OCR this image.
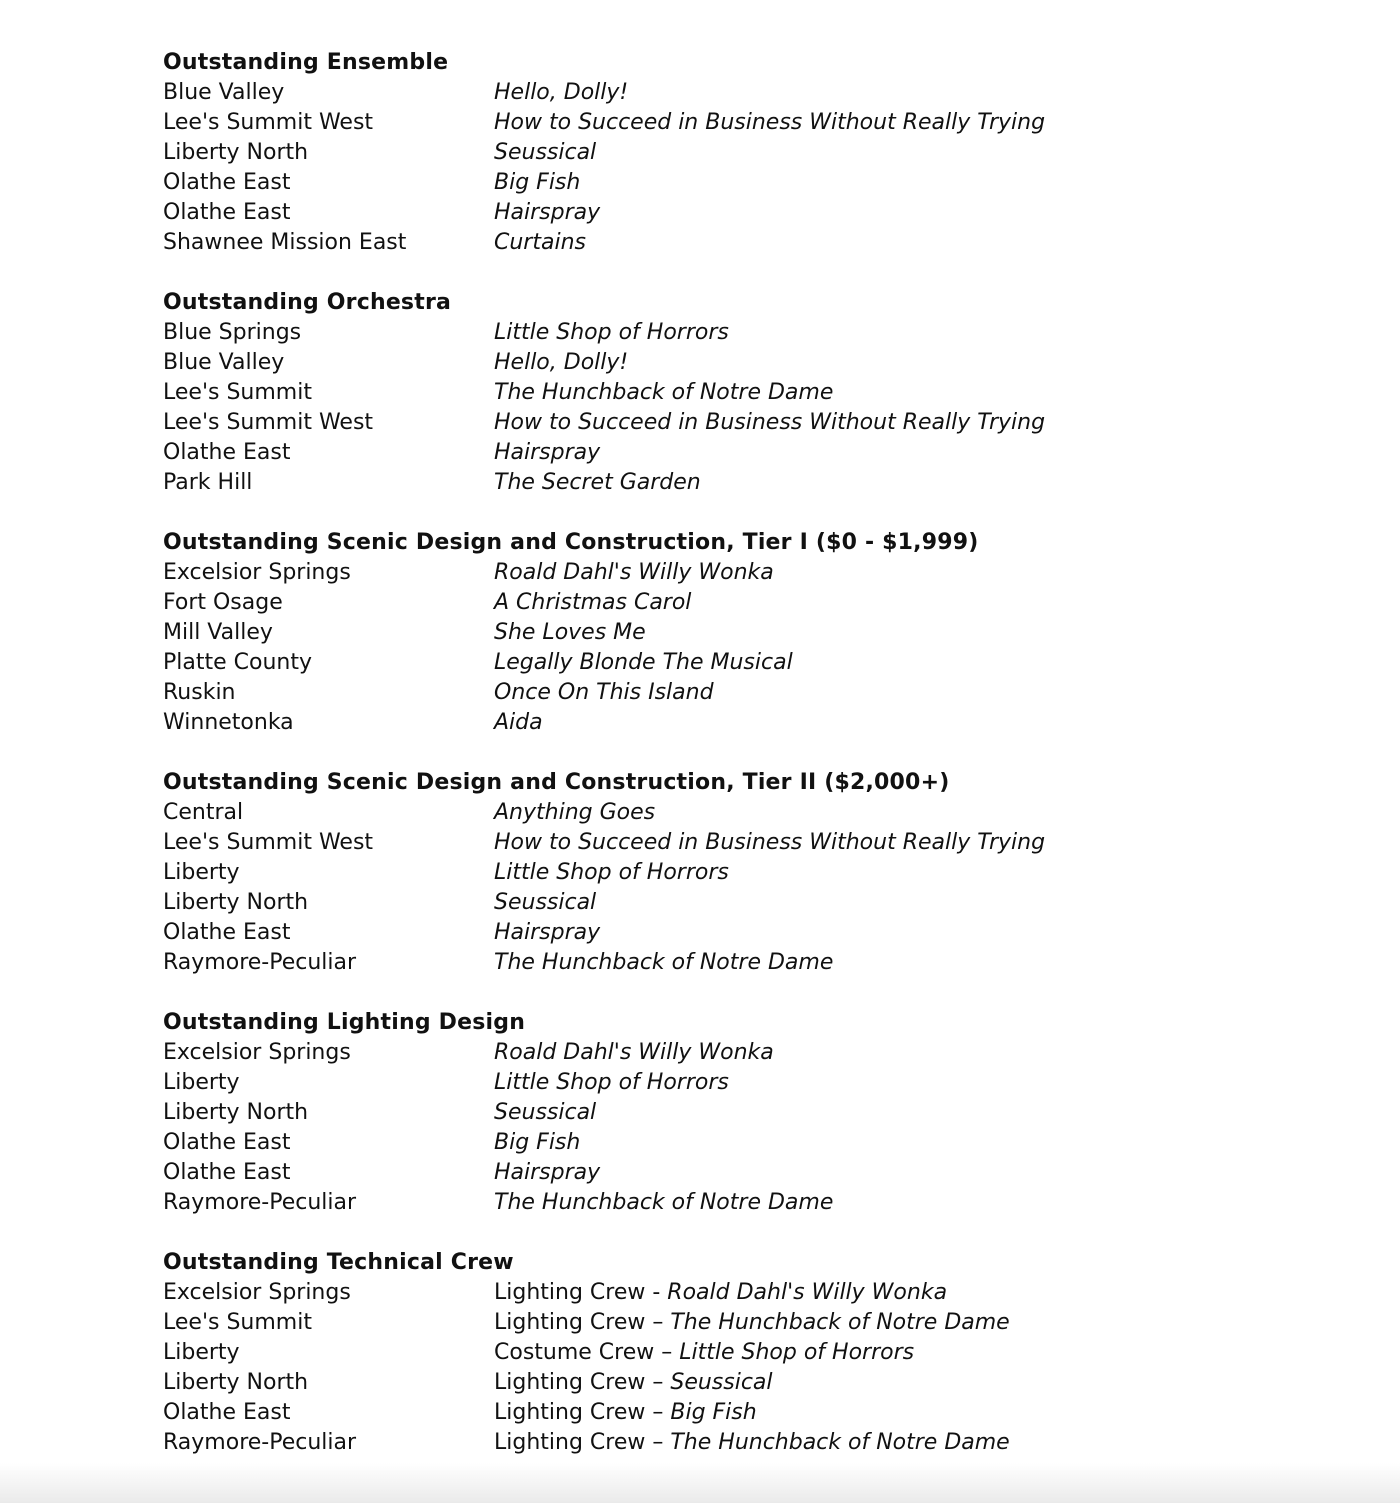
Outstanding Ensemble
Blue Valley	Hello, Dolly!
Lee's Summit West	How to Succeed in Business Without Really Trying
Liberty North	Seussical
Olathe East	Big Fish
Olathe East	Hairspray
Shawnee Mission East	Curtains
Outstanding Orchestra
Blue Springs	Little Shop of Horrors
Blue Valley	Hello, Dolly!
Lee's Summit	The Hunchback of Notre Dame
Lee's Summit West	How to Succeed in Business Without Really Trying
Olathe East	Hairspray
Park Hill	The Secret Garden
Outstanding Scenic Design and Construction, Tier I ($0 - $1,999)
Excelsior Springs	Roald Dahl's Willy Wonka
Fort Osage	A Christmas Carol
Mill Valley	She Loves Me
Platte County	Legally Blonde The Musical
Ruskin	Once On This Island
Winnetonka	Aida
Outstanding Scenic Design and Construction, Tier II ($2,000+)
Central	Anything Goes
Lee's Summit West	How to Succeed in Business Without Really Trying
Liberty	Little Shop of Horrors
Liberty North	Seussical
Olathe East	Hairspray
Raymore-Peculiar	The Hunchback of Notre Dame
Outstanding Lighting Design
Excelsior Springs	Roald Dahl's Willy Wonka
Liberty	Little Shop of Horrors
Liberty North	Seussical
Olathe East	Big Fish
Olathe East	Hairspray
Raymore-Peculiar	The Hunchback of Notre Dame
Outstanding Technical Crew
Excelsior Springs	Lighting Crew - Roald Dahl's Willy Wonka
Lee's Summit	Lighting Crew – The Hunchback of Notre Dame
Liberty	Costume Crew – Little Shop of Horrors
Liberty North	Lighting Crew – Seussical
Olathe East	Lighting Crew – Big Fish
Raymore-Peculiar	Lighting Crew – The Hunchback of Notre Dame
